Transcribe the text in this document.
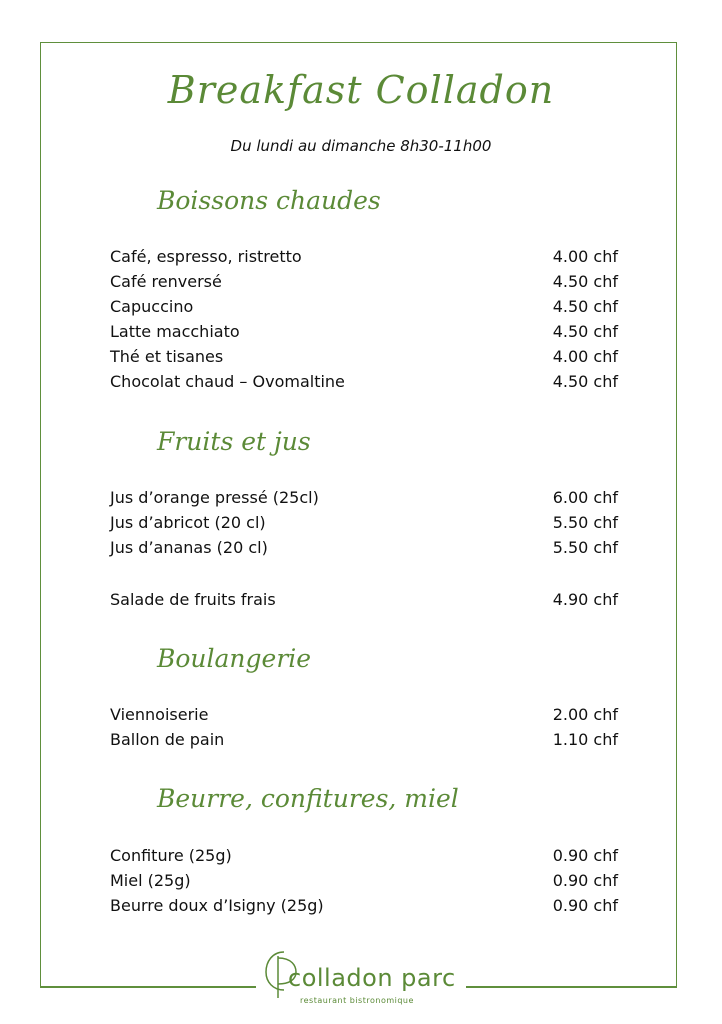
Breakfast Colladon
Du lundi au dimanche 8h30-11h00
Boissons chaudes
Café, espresso, ristretto	4.00 chf
Café renversé	4.50 chf
Capuccino	4.50 chf
Latte macchiato	4.50 chf
Thé et tisanes	4.00 chf
Chocolat chaud – Ovomaltine	4.50 chf
Fruits et jus
Jus d’orange pressé (25cl)	6.00 chf
Jus d’abricot (20 cl)	5.50 chf
Jus d’ananas (20 cl)	5.50 chf
Salade de fruits frais	4.90 chf
Boulangerie
Viennoiserie	2.00 chf
Ballon de pain	1.10 chf
Beurre, confitures, miel
Confiture (25g)	0.90 chf
Miel (25g)	0.90 chf
Beurre doux d’Isigny (25g)	0.90 chf
colladon parc
restaurant bistronomique
